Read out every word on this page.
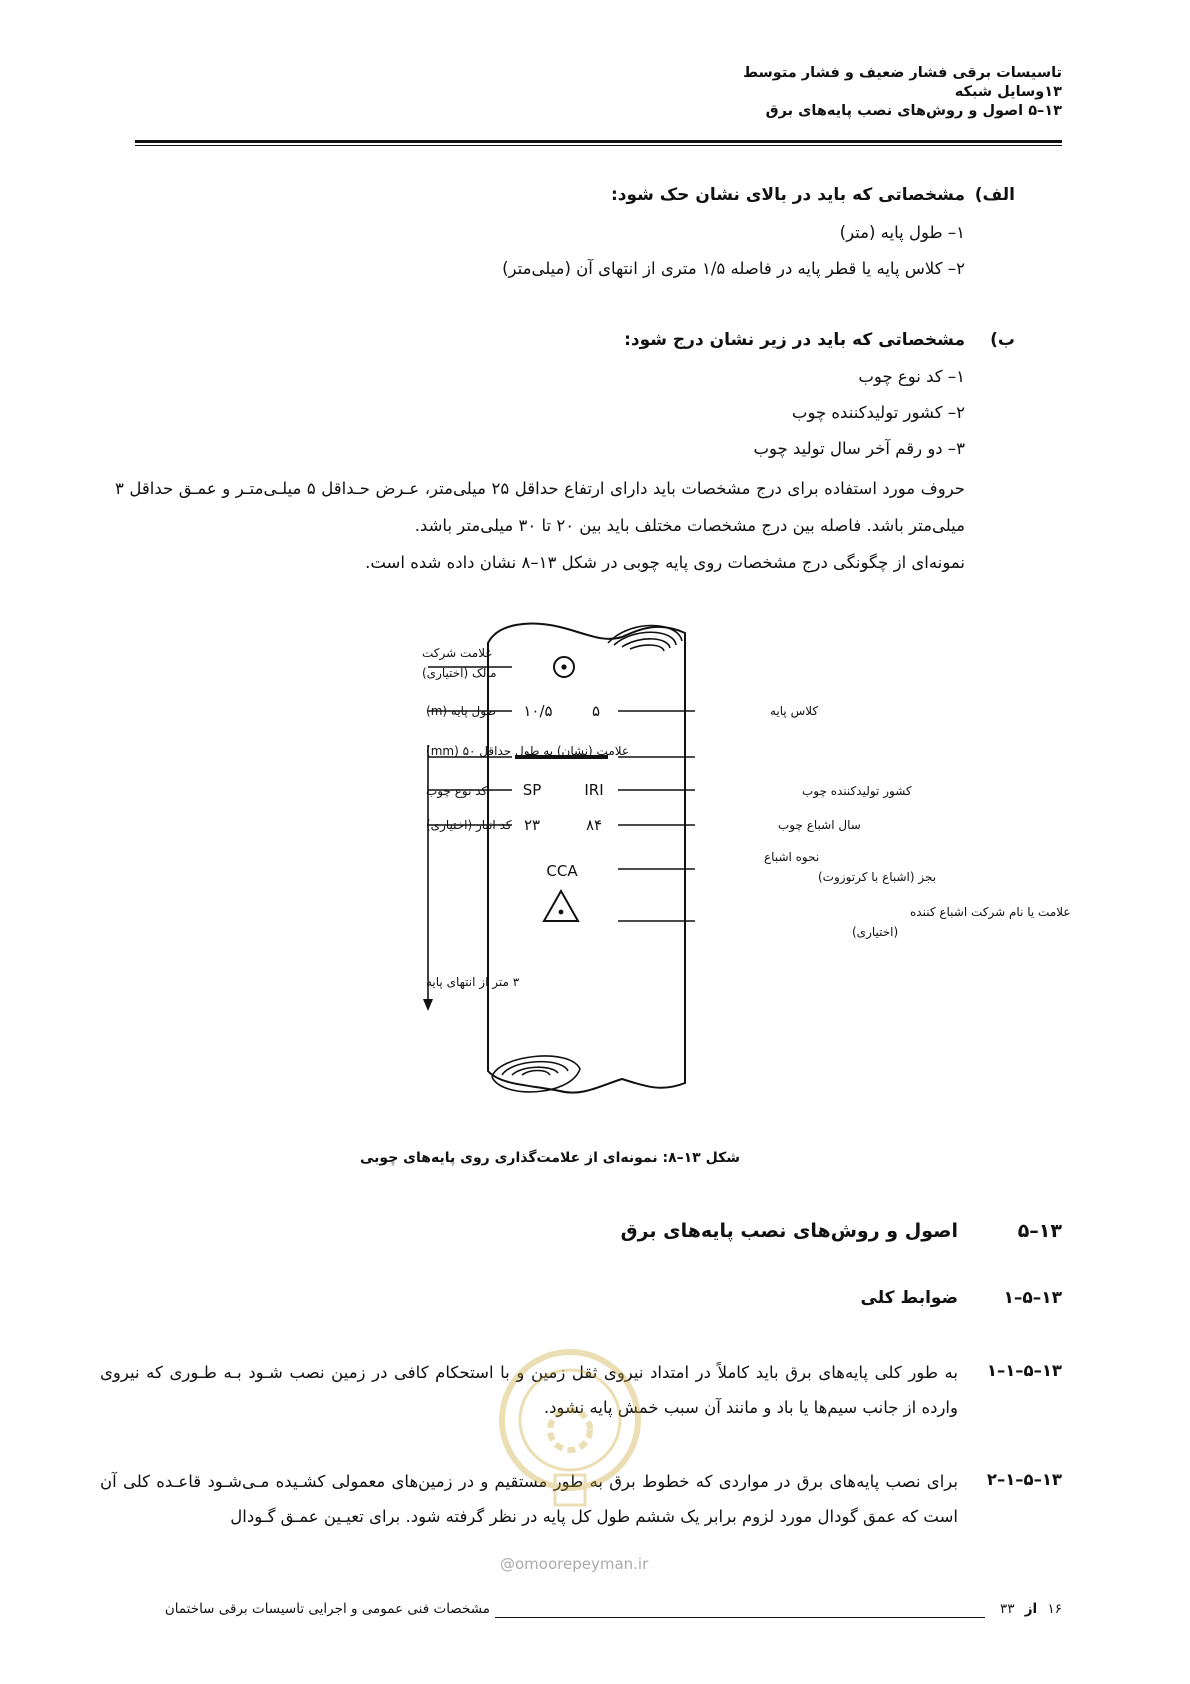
تاسیسات برقی فشار ضعیف و فشار متوسط
۱۳وسایل شبکه
۱۳–۵ اصول و روش‌های نصب پایه‌های برق
الف)
مشخصاتی که باید در بالای نشان حک شود:
۱– طول پایه (متر)
۲– کلاس پایه یا قطر پایه در فاصله ۱/۵ متری از انتهای آن (میلی‌متر)
ب)
مشخصاتی که باید در زیر نشان درج شود:
۱– کد نوع چوب
۲– کشور تولیدکننده چوب
۳– دو رقم آخر سال تولید چوب
حروف مورد استفاده برای درج مشخصات باید دارای ارتفاع حداقل ۲۵ میلی‌متر، عـرض حـداقل ۵ میلـی‌متـر و عمـق حداقل ۳ میلی‌متر باشد. فاصله بین درج مشخصات مختلف باید بین ۲۰ تا ۳۰ میلی‌متر باشد.
نمونه‌ای از چگونگی درج مشخصات روی پایه چوبی در شکل ۱۳–۸ نشان داده شده است.
۱۰/۵	۵
SP	IRI
۲۳	۸۴
CCA
علامت شرکت
مالک (اختیاری)
طول پایه (m)
علامت (نشان) به طول حداقل ۵۰ (mm)
کد نوع چوب
کد انبار (اختیاری)
۳ متر از انتهای پایه
کلاس پایه
کشور تولیدکننده چوب
سال اشباع چوب
نحوه اشباع
بجز (اشباع با کرتوزوت)
علامت یا نام شرکت اشباع کننده
(اختیاری)
شکل ۱۳–۸: نمونه‌ای از علامت‌گذاری روی پایه‌های چوبی
۱۳–۵
اصول و روش‌های نصب پایه‌های برق
۱۳–۵–۱
ضوابط کلی
۱۳–۵–۱–۱
به طور کلی پایه‌های برق باید کاملاً در امتداد نیروی ثقل زمین و با استحکام کافی در زمین نصب شـود بـه طـوری که نیروی وارده از جانب سیم‌ها یا باد و مانند آن سبب خمش پایه نشود.
۱۳–۵–۱–۲
برای نصب پایه‌های برق در مواردی که خطوط برق به طور مستقیم و در زمین‌های معمولی کشـیده مـی‌شـود قاعـده کلی آن است که عمق گودال مورد لزوم برابر یک ششم طول کل پایه در نظر گرفته شود. برای تعیـین عمـق گـودال
@omoorepeyman.ir
۱۶ از ۳۳
مشخصات فنی عمومی و اجرایی تاسیسات برقی ساختمان
